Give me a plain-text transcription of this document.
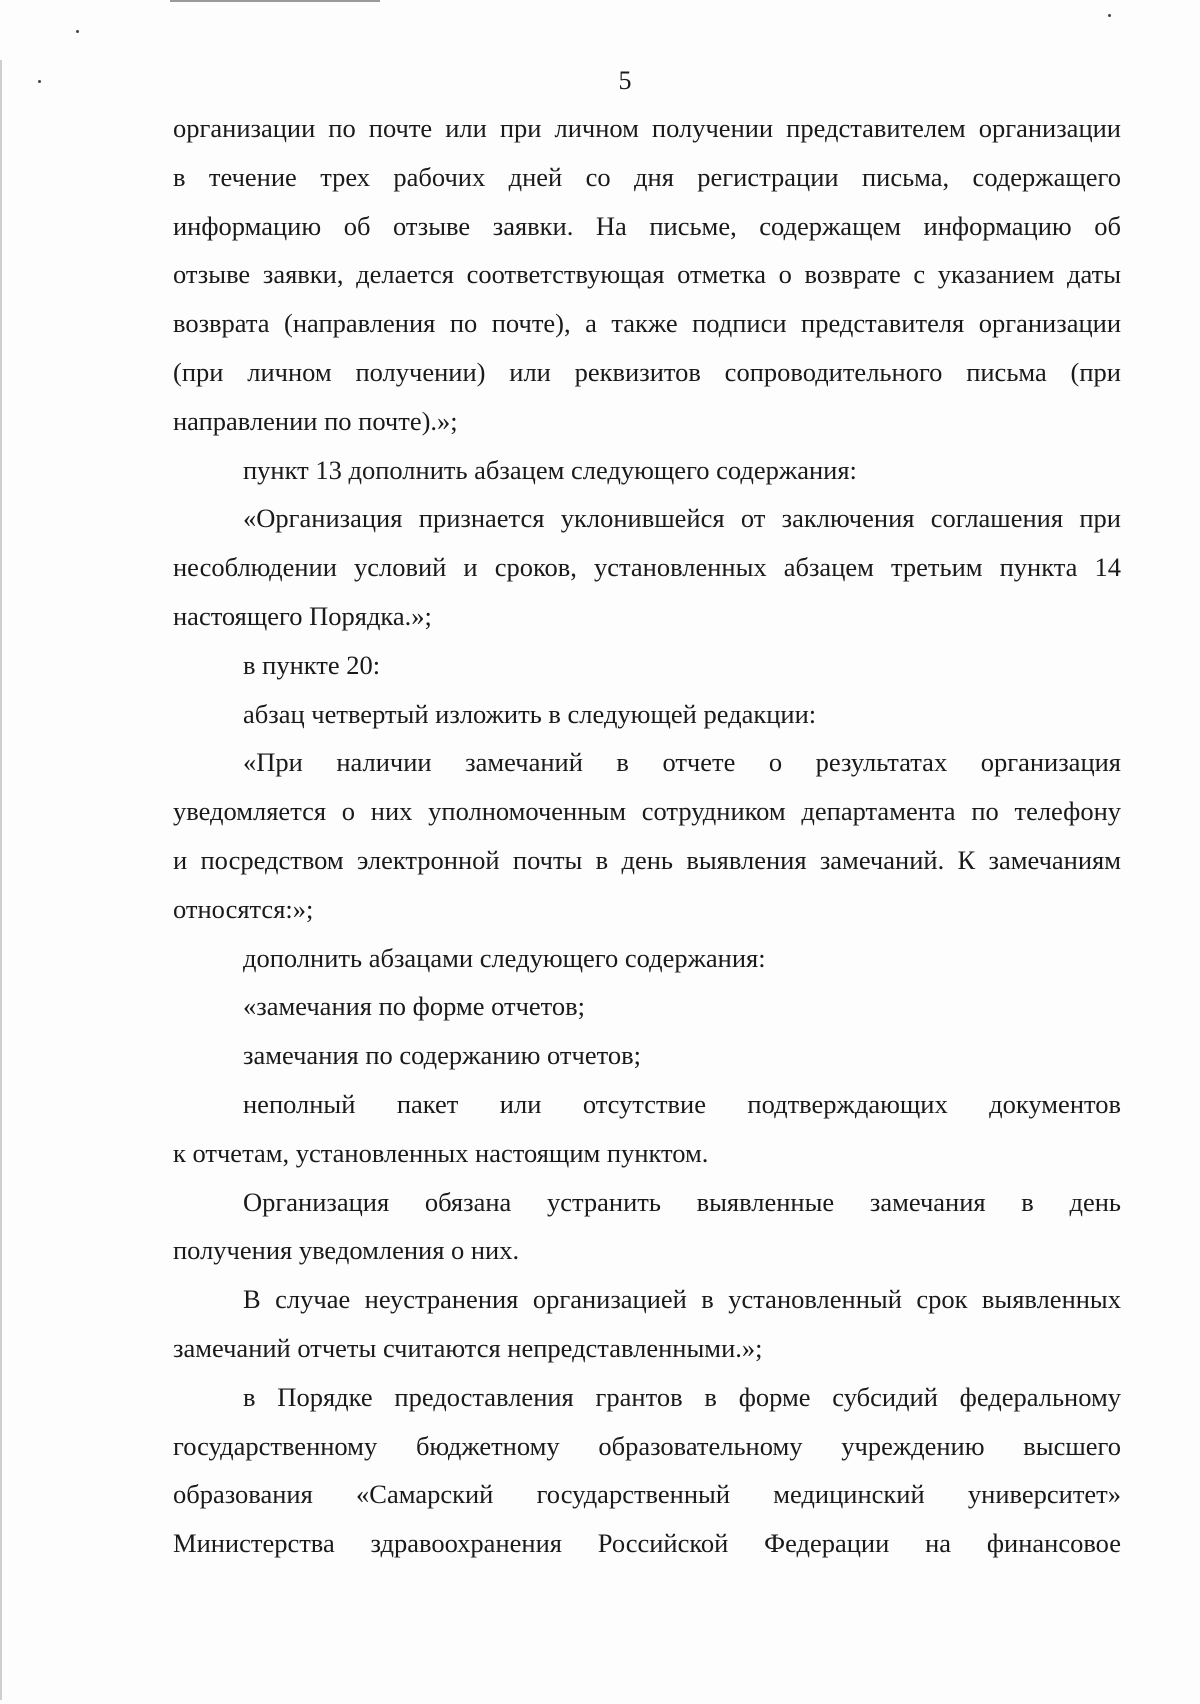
5
организации по почте или при личном получении представителем организации
в течение трех рабочих дней со дня регистрации письма, содержащего
информацию об отзыве заявки. На письме, содержащем информацию об
отзыве заявки, делается соответствующая отметка о возврате с указанием даты
возврата (направления по почте), а также подписи представителя организации
(при личном получении) или реквизитов сопроводительного письма (при
направлении по почте).»;
пункт 13 дополнить абзацем следующего содержания:
«Организация признается уклонившейся от заключения соглашения при
несоблюдении условий и сроков, установленных абзацем третьим пункта 14
настоящего Порядка.»;
в пункте 20:
абзац четвертый изложить в следующей редакции:
«При наличии замечаний в отчете о результатах организация
уведомляется о них уполномоченным сотрудником департамента по телефону
и посредством электронной почты в день выявления замечаний. К замечаниям
относятся:»;
дополнить абзацами следующего содержания:
«замечания по форме отчетов;
замечания по содержанию отчетов;
неполный пакет или отсутствие подтверждающих документов
к отчетам, установленных настоящим пунктом.
Организация обязана устранить выявленные замечания в день
получения уведомления о них.
В случае неустранения организацией в установленный срок выявленных
замечаний отчеты считаются непредставленными.»;
в Порядке предоставления грантов в форме субсидий федеральному
государственному бюджетному образовательному учреждению высшего
образования «Самарский государственный медицинский университет»
Министерства здравоохранения Российской Федерации на финансовое
